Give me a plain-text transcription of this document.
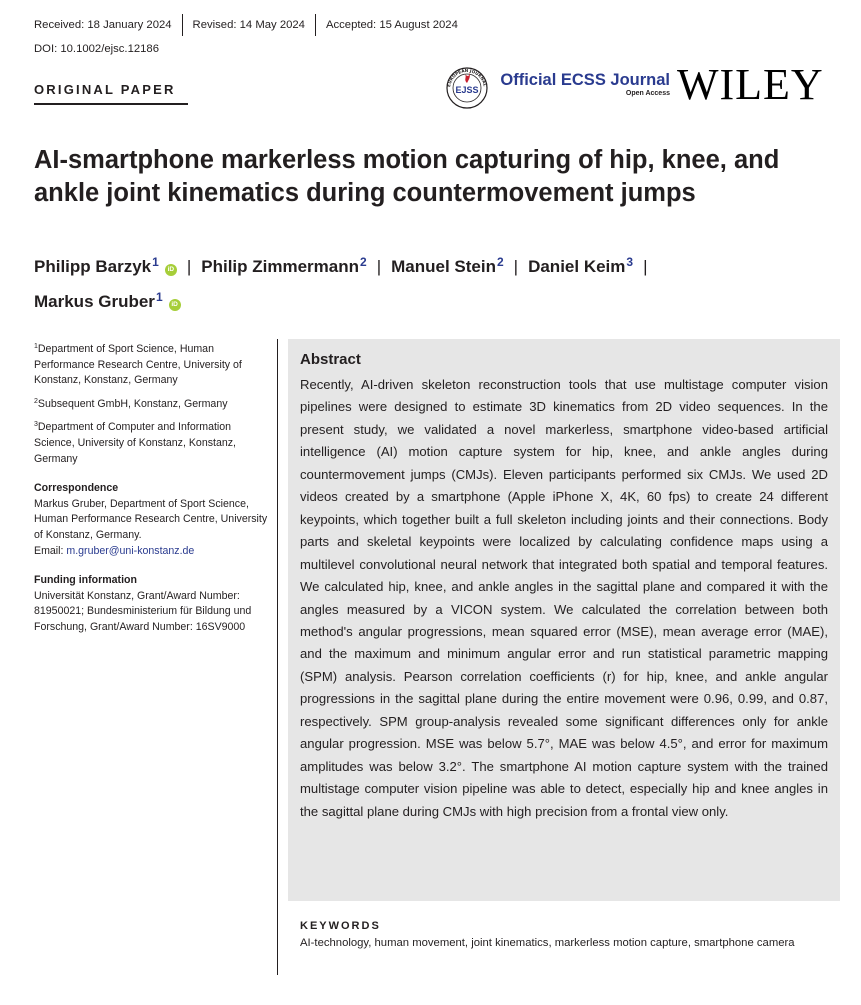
Received: 18 January 2024 Revised: 14 May 2024 Accepted: 15 August 2024
DOI: 10.1002/ejsc.12186
ORIGINAL PAPER	EUROPEAN JOURNAL
EJSS
Official ECSS Journal
Open Access WILEY
AI-smartphone markerless motion capturing of hip, knee, and ankle joint kinematics during countermovement jumps
Philipp Barzyk$^1$iD | Philip Zimmermann$^2$ | Manuel Stein$^2$ | Daniel Keim$^3$ |
Markus Gruber$^1$iD
$^1$Department of Sport Science, Human Performance Research Centre, University of Konstanz, Konstanz, Germany
$^2$Subsequent GmbH, Konstanz, Germany
$^3$Department of Computer and Information Science, University of Konstanz, Konstanz, Germany
Correspondence
Markus Gruber, Department of Sport Science, Human Performance Research Centre, University of Konstanz, Germany.
Email: m.gruber@uni-konstanz.de
Funding information
Universität Konstanz, Grant/Award Number: 81950021; Bundesministerium für Bildung und Forschung, Grant/Award Number: 16SV9000
Abstract

Recently, AI-driven skeleton reconstruction tools that use multistage computer vision pipelines were designed to estimate 3D kinematics from 2D video sequences. In the present study, we validated a novel markerless, smartphone video-based artificial intelligence (AI) motion capture system for hip, knee, and ankle angles during countermovement jumps (CMJs). Eleven participants performed six CMJs. We used 2D videos created by a smartphone (Apple iPhone X, 4K, 60 fps) to create 24 different keypoints, which together built a full skeleton including joints and their connections. Body parts and skeletal keypoints were localized by calculating confidence maps using a multilevel convolutional neural network that integrated both spatial and temporal features. We calculated hip, knee, and ankle angles in the sagittal plane and compared it with the angles measured by a VICON system. We calculated the correlation between both method's angular progressions, mean squared error (MSE), mean average error (MAE), and the maximum and minimum angular error and run statistical parametric mapping (SPM) analysis. Pearson correlation coefficients (r) for hip, knee, and ankle angular progressions in the sagittal plane during the entire movement were 0.96, 0.99, and 0.87, respectively. SPM group-analysis revealed some significant differences only for ankle angular progression. MSE was below 5.7°, MAE was below 4.5°, and error for maximum amplitudes was below 3.2°. The smartphone AI motion capture system with the trained multistage computer vision pipeline was able to detect, especially hip and knee angles in the sagittal plane during CMJs with high precision from a frontal view only.

KEYWORDS
AI-technology, human movement, joint kinematics, markerless motion capture, smartphone camera
